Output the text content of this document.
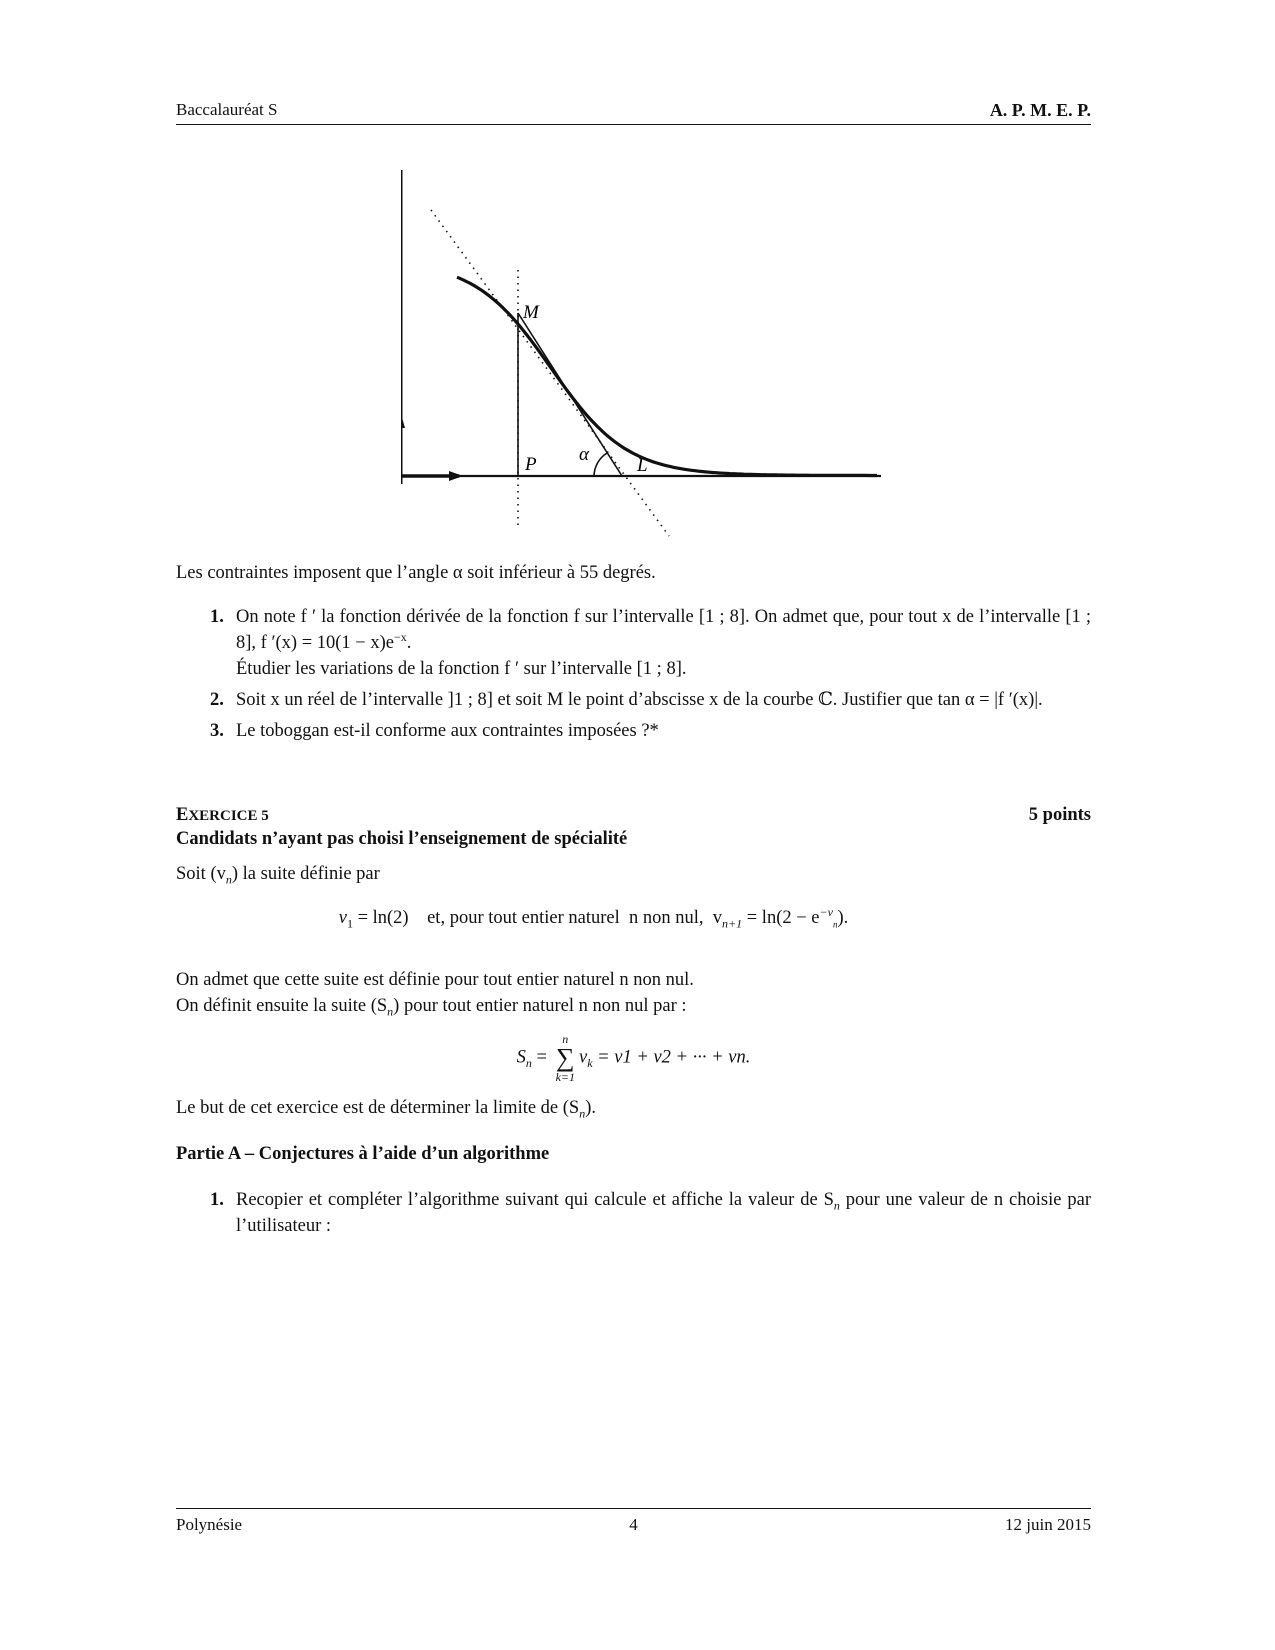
Baccalauréat S	A. P. M. E. P.
M
P	L
α
Les contraintes imposent que l’angle α soit inférieur à 55 degrés.
1. On note f ′ la fonction dérivée de la fonction f sur l’intervalle [1 ; 8]. On admet que, pour tout x de l’intervalle [1 ; 8], f $'(x) = 10(1 - x)e^{-x}$.
Étudier les variations de la fonction f ′ sur l’intervalle [1 ; 8].
2. Soit x un réel de l’intervalle ]1 ; 8] et soit M le point d’abscisse x de la courbe ℂ. Justifier que tan α = |f ′(x)|.
3. Le toboggan est-il conforme aux contraintes imposées ?*
EXERCICE 5	5 points
Candidats n’ayant pas choisi l’enseignement de spécialité
Soit $(v_n)$ la suite définie par
$v_1 = \ln(2)$    et, pour tout entier naturel  n non nul,  $v_{n+1} = \ln(2 - e^{-v}_n)$.
On admet que cette suite est définie pour tout entier naturel n non nul.
On définit ensuite la suite $(S_n)$ pour tout entier naturel n non nul par :
$S_n$ =
n
∑
k=1
$v_k = v1 + v2$ + ··· + vn.
Le but de cet exercice est de déterminer la limite de $(S_n)$.
Partie A – Conjectures à l’aide d’un algorithme
1. Recopier et compléter l’algorithme suivant qui calcule et affiche la valeur de $S_n$ pour une valeur de n choisie par l’utilisateur :
Polynésie	4	12 juin 2015
